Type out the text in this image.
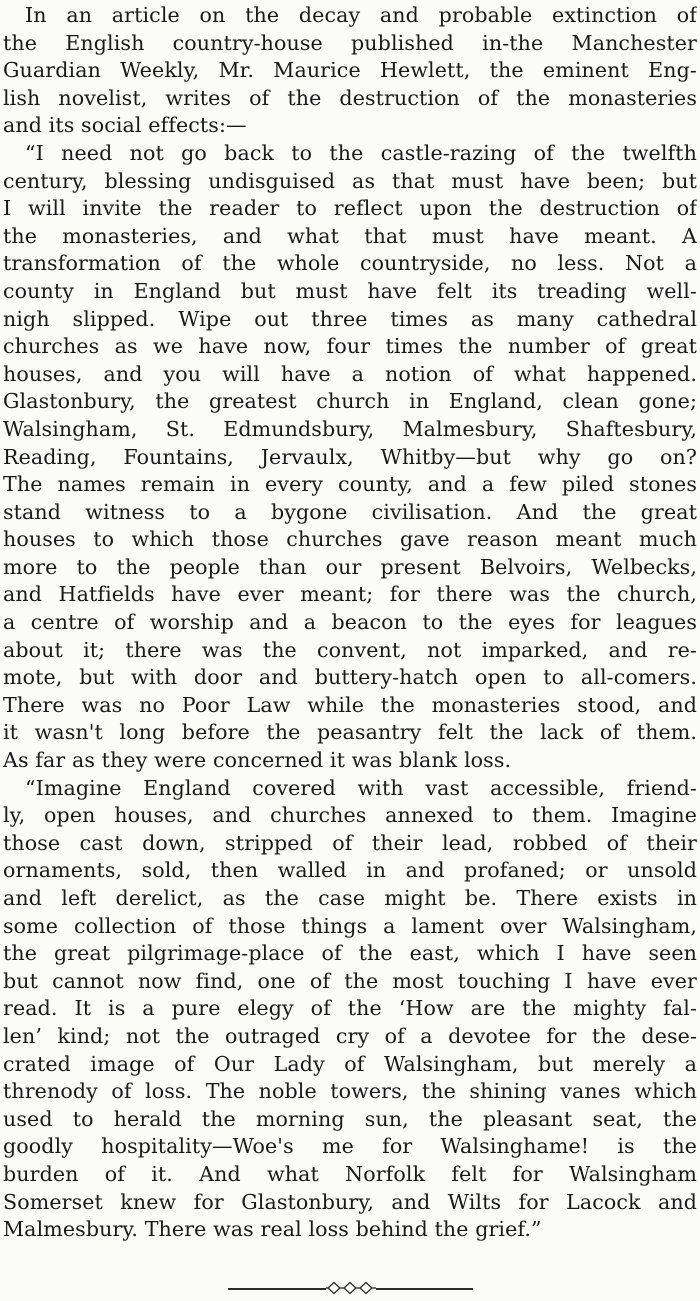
In an article on the decay and probable extinction of
the English country-house published in-the Manchester
Guardian Weekly, Mr. Maurice Hewlett, the eminent Eng-
lish novelist, writes of the destruction of the monasteries
and its social effects:—
“I need not go back to the castle-razing of the twelfth
century, blessing undisguised as that must have been; but
I will invite the reader to reflect upon the destruction of
the monasteries, and what that must have meant. A
transformation of the whole countryside, no less. Not a
county in England but must have felt its treading well-
nigh slipped. Wipe out three times as many cathedral
churches as we have now, four times the number of great
houses, and you will have a notion of what happened.
Glastonbury, the greatest church in England, clean gone;
Walsingham, St. Edmundsbury, Malmesbury, Shaftesbury,
Reading, Fountains, Jervaulx, Whitby—but why go on?
The names remain in every county, and a few piled stones
stand witness to a bygone civilisation. And the great
houses to which those churches gave reason meant much
more to the people than our present Belvoirs, Welbecks,
and Hatfields have ever meant; for there was the church,
a centre of worship and a beacon to the eyes for leagues
about it; there was the convent, not imparked, and re-
mote, but with door and buttery-hatch open to all-comers.
There was no Poor Law while the monasteries stood, and
it wasn't long before the peasantry felt the lack of them.
As far as they were concerned it was blank loss.
“Imagine England covered with vast accessible, friend-
ly, open houses, and churches annexed to them. Imagine
those cast down, stripped of their lead, robbed of their
ornaments, sold, then walled in and profaned; or unsold
and left derelict, as the case might be. There exists in
some collection of those things a lament over Walsingham,
the great pilgrimage-place of the east, which I have seen
but cannot now find, one of the most touching I have ever
read. It is a pure elegy of the ‘How are the mighty fal-
len’ kind; not the outraged cry of a devotee for the dese-
crated image of Our Lady of Walsingham, but merely a
threnody of loss. The noble towers, the shining vanes which
used to herald the morning sun, the pleasant seat, the
goodly hospitality—Woe's me for Walsinghame! is the
burden of it. And what Norfolk felt for Walsingham
Somerset knew for Glastonbury, and Wilts for Lacock and
Malmesbury. There was real loss behind the grief.”
